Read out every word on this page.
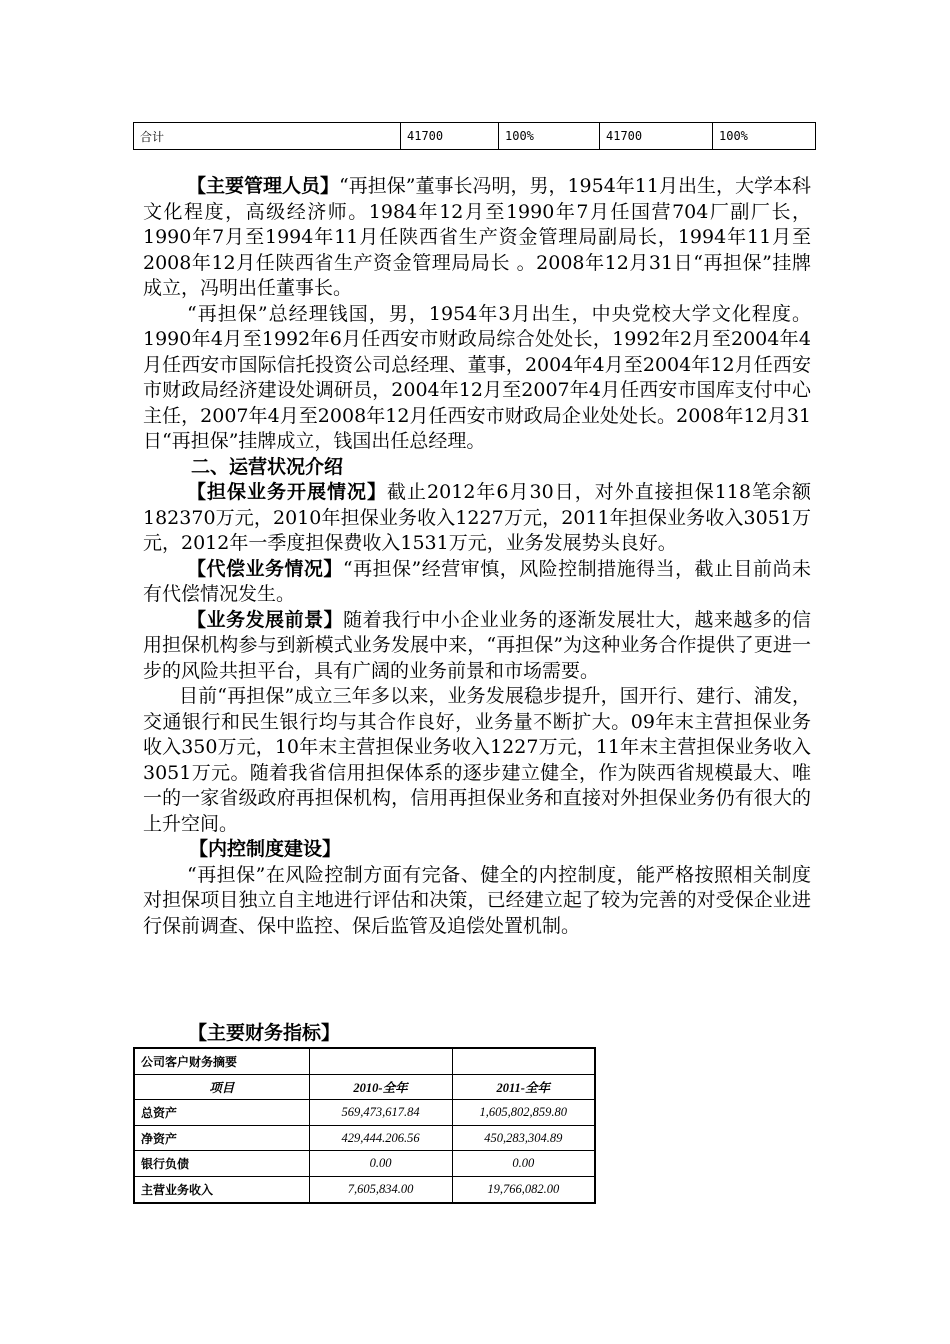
合计	41700	100%	41700	100%

【主要管理人员】“再担保”董事长冯明，男，1954年11月出生，大学本科文化程度，高级经济师。1984年12月至1990年7月任国营704厂副厂长，1990年7月至1994年11月任陕西省生产资金管理局副局长，1994年11月至2008年12月任陕西省生产资金管理局局长 。2008年12月31日“再担保”挂牌成立，冯明出任董事长。

“再担保”总经理钱国，男，1954年3月出生，中央党校大学文化程度。1990年4月至1992年6月任西安市财政局综合处处长，1992年2月至2004年4月任西安市国际信托投资公司总经理、董事，2004年4月至2004年12月任西安市财政局经济建设处调研员，2004年12月至2007年4月任西安市国库支付中心主任，2007年4月至2008年12月任西安市财政局企业处处长。2008年12月31日“再担保”挂牌成立，钱国出任总经理。

二、运营状况介绍

【担保业务开展情况】截止2012年6月30日，对外直接担保118笔余额182370万元，2010年担保业务收入1227万元，2011年担保业务收入3051万元，2012年一季度担保费收入1531万元，业务发展势头良好。

【代偿业务情况】“再担保”经营审慎，风险控制措施得当，截止目前尚未有代偿情况发生。

【业务发展前景】随着我行中小企业业务的逐渐发展壮大，越来越多的信用担保机构参与到新模式业务发展中来，“再担保”为这种业务合作提供了更进一步的风险共担平台，具有广阔的业务前景和市场需要。

目前“再担保”成立三年多以来，业务发展稳步提升，国开行、建行、浦发，交通银行和民生银行均与其合作良好，业务量不断扩大。09年末主营担保业务收入350万元，10年末主营担保业务收入1227万元，11年末主营担保业务收入3051万元。随着我省信用担保体系的逐步建立健全，作为陕西省规模最大、唯一的一家省级政府再担保机构，信用再担保业务和直接对外担保业务仍有很大的上升空间。

【内控制度建设】

“再担保”在风险控制方面有完备、健全的内控制度，能严格按照相关制度对担保项目独立自主地进行评估和决策，已经建立起了较为完善的对受保企业进行保前调查、保中监控、保后监管及追偿处置机制。

【主要财务指标】
公司客户财务摘要		
项目	2010-全年	2011-全年
总资产	569,473,617.84	1,605,802,859.80
净资产	429,444.206.56	450,283,304.89
银行负债	0.00	0.00
主营业务收入	7,605,834.00	19,766,082.00
